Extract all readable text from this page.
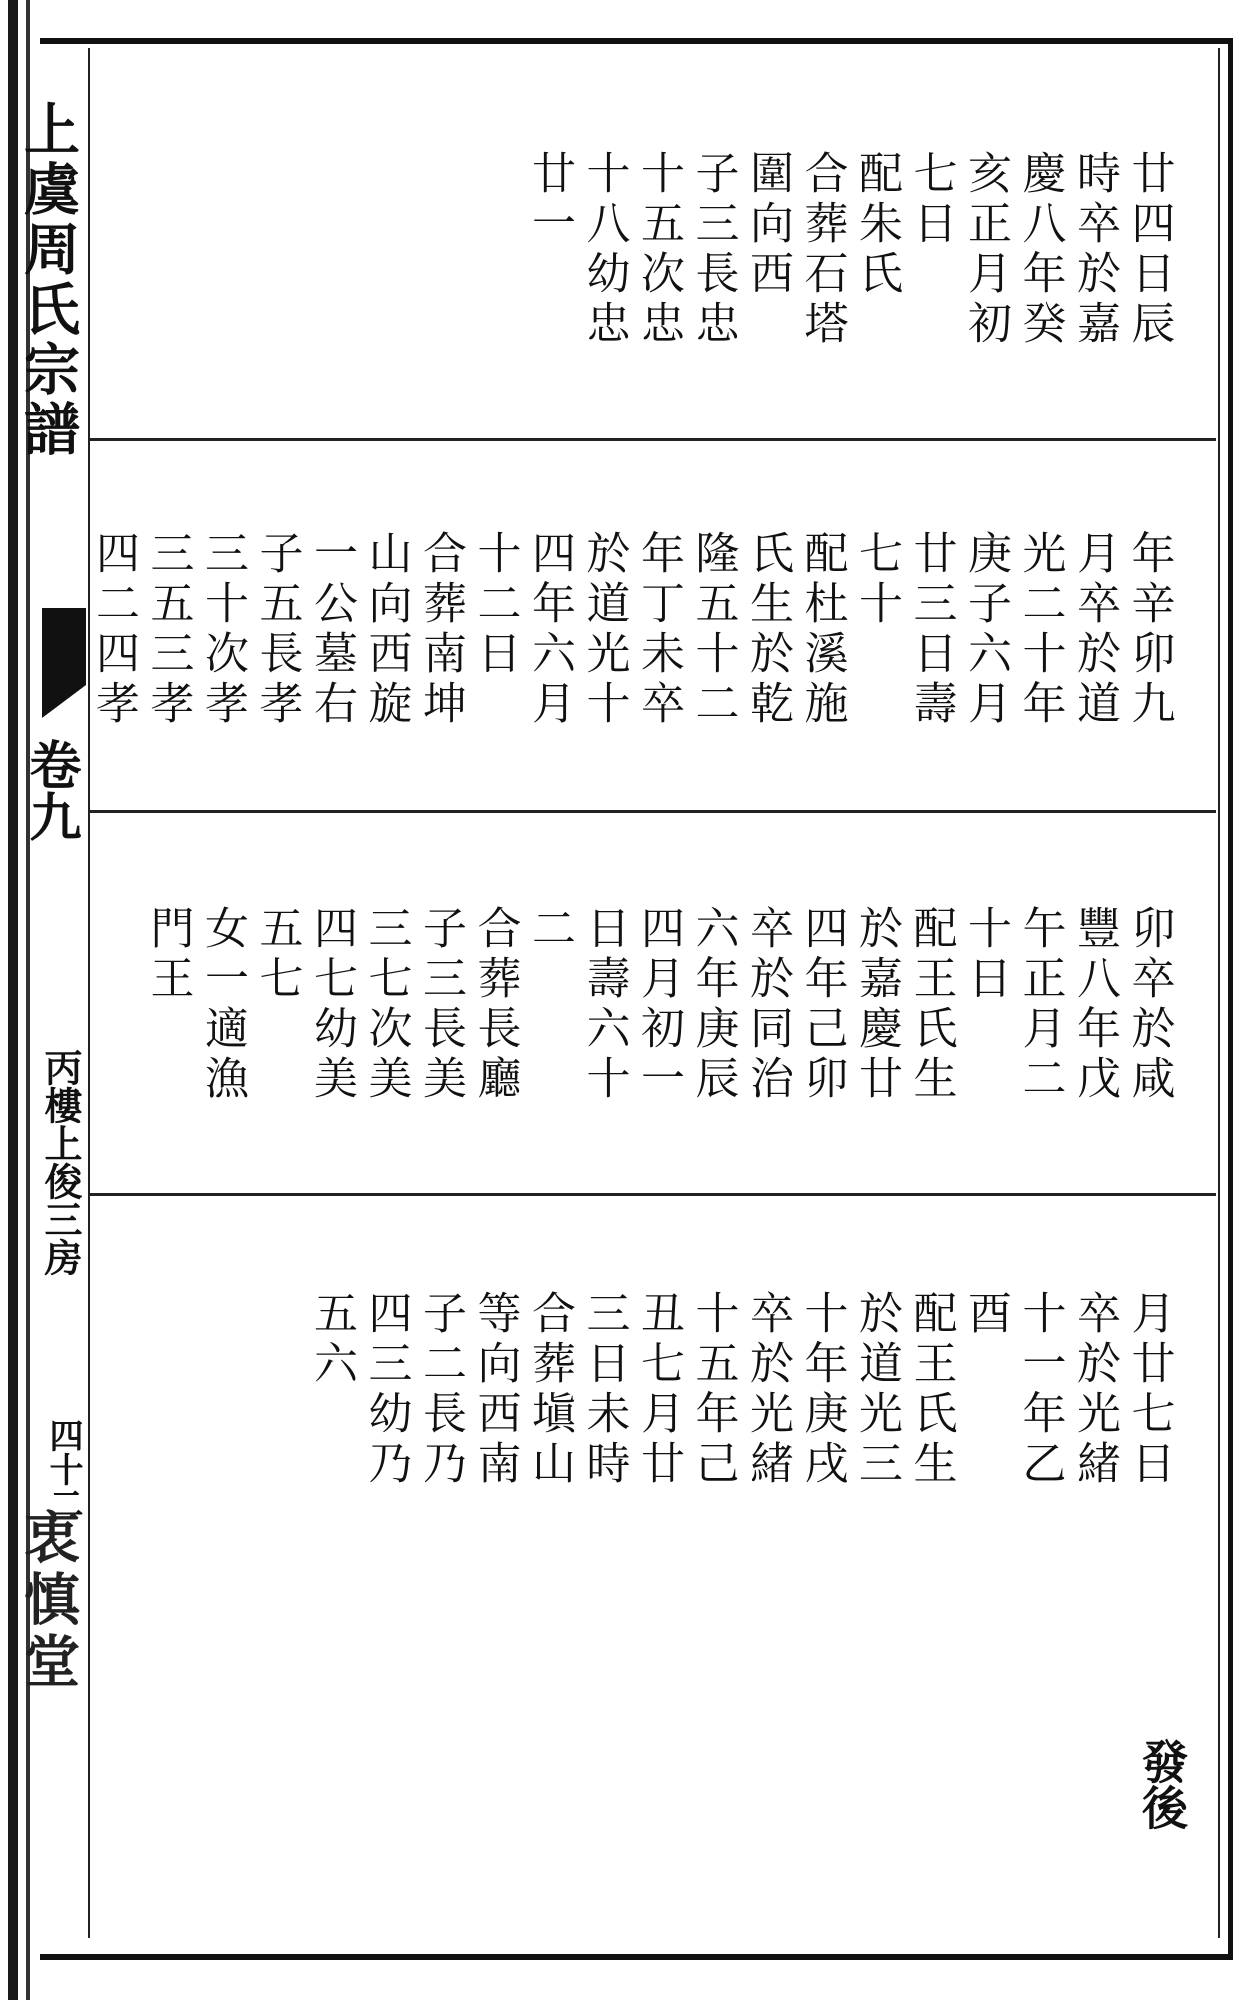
上虞周氏宗譜
卷九
丙樓上俊三房
四十二
衷慎堂
廿四日辰
時卒於嘉
慶八年癸
亥正月初
七日
配朱氏
合葬石塔
圍向西
子三長忠
十五次忠
十八幼忠
廿一
年辛卯九
月卒於道
光二十年
庚子六月
廿三日壽
七十
配杜溪施
氏生於乾
隆五十二
年丁未卒
於道光十
四年六月
十二日
合葬南坤
山向西旋
一公墓右
子五長孝
三十次孝
三五三孝
四二四孝
卯卒於咸
豐八年戊
午正月二
十日
配王氏生
於嘉慶廿
四年己卯
卒於同治
六年庚辰
四月初一
日壽六十
二
合葬長廳
子三長美
三七次美
四七幼美
五七
女一適漁
門王
月廿七日
卒於光緒
十一年乙
酉
配王氏生
於道光三
十年庚戌
卒於光緒
十五年己
丑七月廿
三日未時
合葬塡山
等向西南
子二長乃
四三幼乃
五六
發後
